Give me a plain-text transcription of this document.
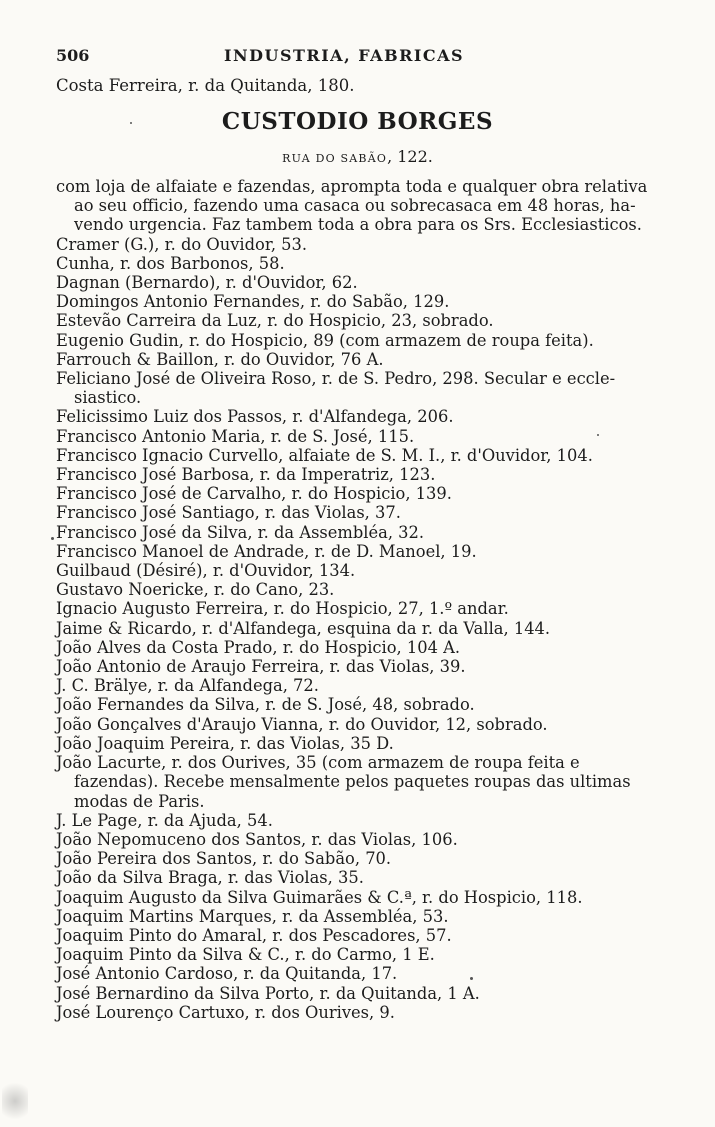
506	INDUSTRIA, FABRICAS
Costa Ferreira, r. da Quitanda, 180.
CUSTODIO BORGES
RUA DO SABÃO, 122.
com loja de alfaiate e fazendas, aprompta toda e qualquer obra relativa
ao seu officio, fazendo uma casaca ou sobrecasaca em 48 horas, ha-
vendo urgencia. Faz tambem toda a obra para os Srs. Ecclesiasticos.
Cramer (G.), r. do Ouvidor, 53.
Cunha, r. dos Barbonos, 58.
Dagnan (Bernardo), r. d'Ouvidor, 62.
Domingos Antonio Fernandes, r. do Sabão, 129.
Estevão Carreira da Luz, r. do Hospicio, 23, sobrado.
Eugenio Gudin, r. do Hospicio, 89 (com armazem de roupa feita).
Farrouch & Baillon, r. do Ouvidor, 76 A.
Feliciano José de Oliveira Roso, r. de S. Pedro, 298. Secular e eccle-
siastico.
Felicissimo Luiz dos Passos, r. d'Alfandega, 206.
Francisco Antonio Maria, r. de S. José, 115.
Francisco Ignacio Curvello, alfaiate de S. M. I., r. d'Ouvidor, 104.
Francisco José Barbosa, r. da Imperatriz, 123.
Francisco José de Carvalho, r. do Hospicio, 139.
Francisco José Santiago, r. das Violas, 37.
Francisco José da Silva, r. da Assembléa, 32.
Francisco Manoel de Andrade, r. de D. Manoel, 19.
Guilbaud (Désiré), r. d'Ouvidor, 134.
Gustavo Noericke, r. do Cano, 23.
Ignacio Augusto Ferreira, r. do Hospicio, 27, 1.º andar.
Jaime & Ricardo, r. d'Alfandega, esquina da r. da Valla, 144.
João Alves da Costa Prado, r. do Hospicio, 104 A.
João Antonio de Araujo Ferreira, r. das Violas, 39.
J. C. Brälye, r. da Alfandega, 72.
João Fernandes da Silva, r. de S. José, 48, sobrado.
João Gonçalves d'Araujo Vianna, r. do Ouvidor, 12, sobrado.
João Joaquim Pereira, r. das Violas, 35 D.
João Lacurte, r. dos Ourives, 35 (com armazem de roupa feita e
fazendas). Recebe mensalmente pelos paquetes roupas das ultimas
modas de Paris.
J. Le Page, r. da Ajuda, 54.
João Nepomuceno dos Santos, r. das Violas, 106.
João Pereira dos Santos, r. do Sabão, 70.
João da Silva Braga, r. das Violas, 35.
Joaquim Augusto da Silva Guimarães & C.ª, r. do Hospicio, 118.
Joaquim Martins Marques, r. da Assembléa, 53.
Joaquim Pinto do Amaral, r. dos Pescadores, 57.
Joaquim Pinto da Silva & C., r. do Carmo, 1 E.
José Antonio Cardoso, r. da Quitanda, 17.
José Bernardino da Silva Porto, r. da Quitanda, 1 A.
José Lourenço Cartuxo, r. dos Ourives, 9.
